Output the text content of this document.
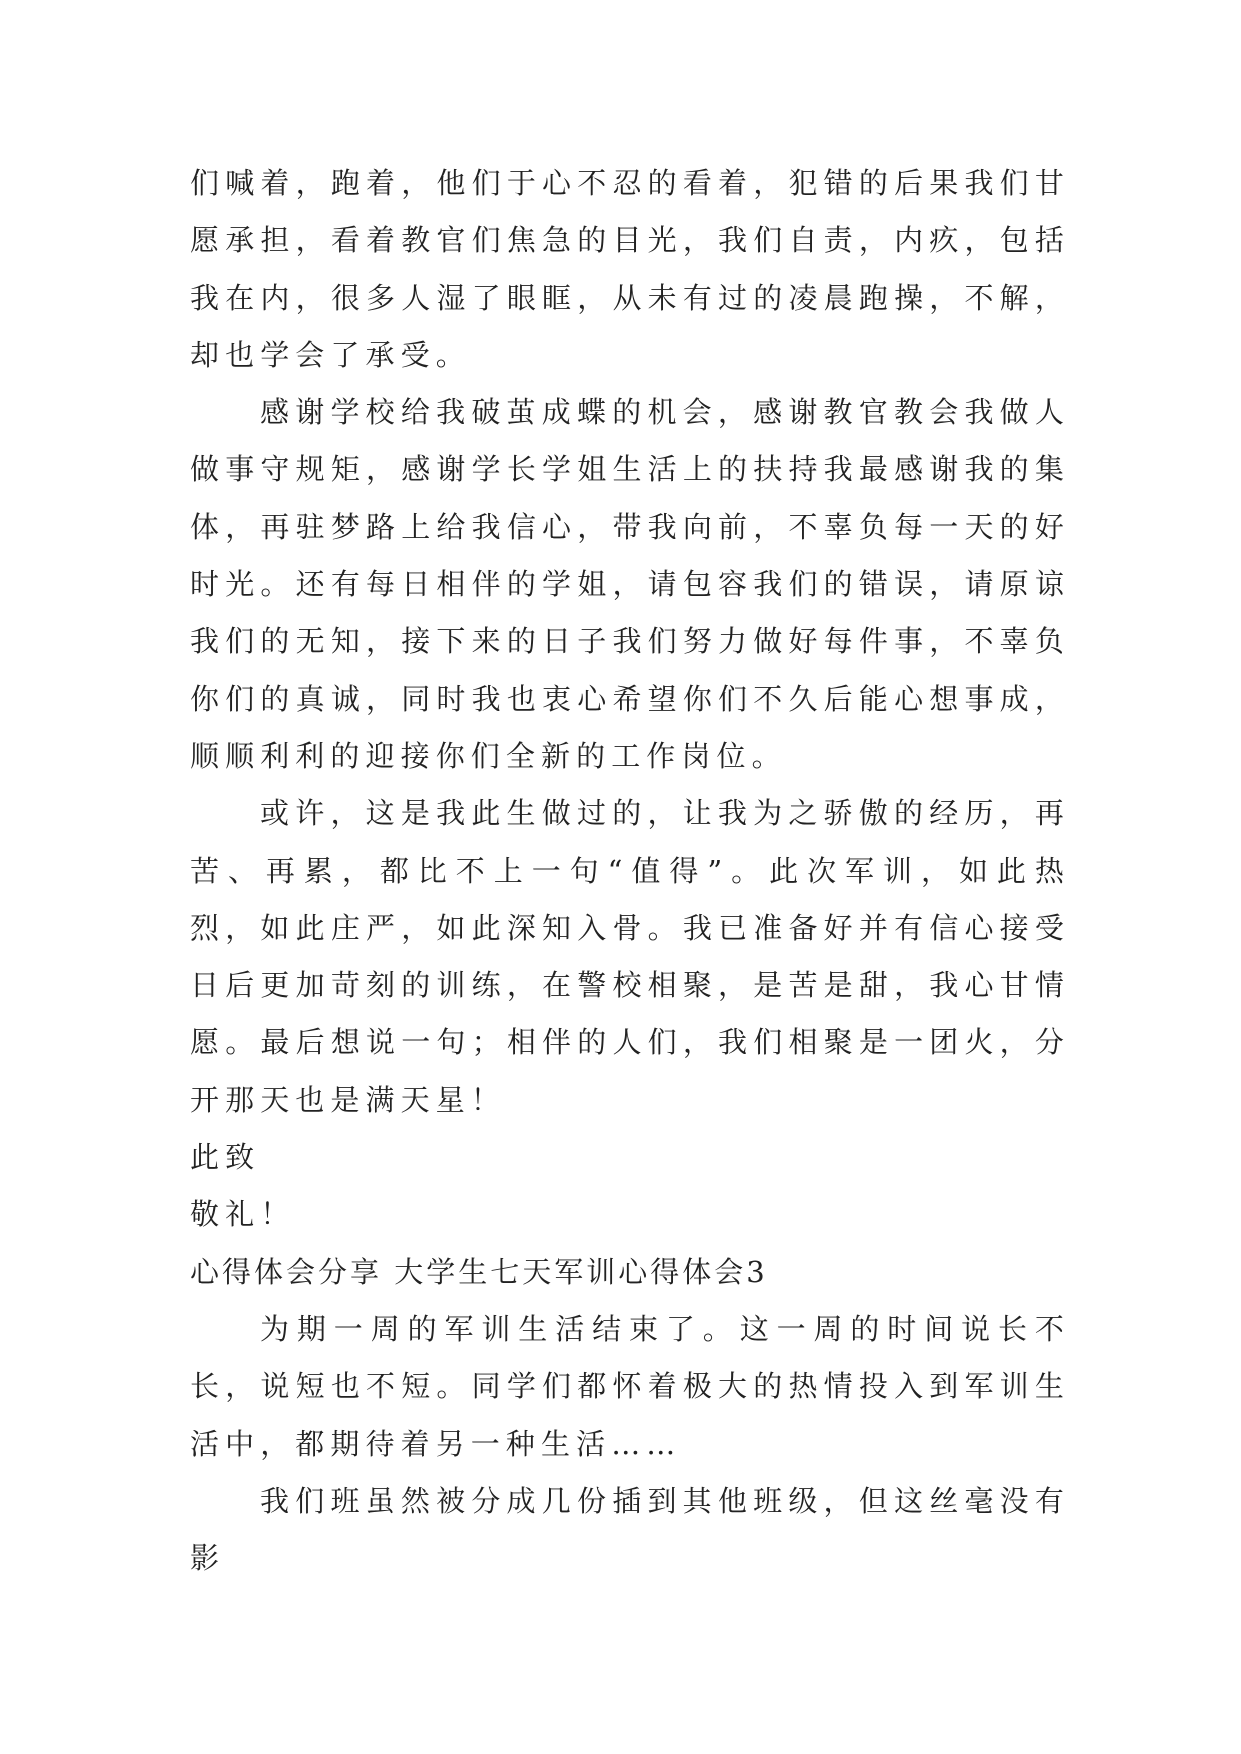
们喊着，跑着，他们于心不忍的看着，犯错的后果我们甘愿承担，看着教官们焦急的目光，我们自责，内疚，包括我在内，很多人湿了眼眶，从未有过的凌晨跑操，不解，却也学会了承受。

感谢学校给我破茧成蝶的机会，感谢教官教会我做人做事守规矩，感谢学长学姐生活上的扶持我最感谢我的集体，再驻梦路上给我信心，带我向前，不辜负每一天的好时光。还有每日相伴的学姐，请包容我们的错误，请原谅我们的无知，接下来的日子我们努力做好每件事，不辜负你们的真诚，同时我也衷心希望你们不久后能心想事成，顺顺利利的迎接你们全新的工作岗位。

或许，这是我此生做过的，让我为之骄傲的经历，再苦、再累，都比不上一句“值得”。此次军训，如此热烈，如此庄严，如此深知入骨。我已准备好并有信心接受日后更加苛刻的训练，在警校相聚，是苦是甜，我心甘情愿。最后想说一句；相伴的人们，我们相聚是一团火，分开那天也是满天星！

此致

敬礼！

心得体会分享 大学生七天军训心得体会3

为期一周的军训生活结束了。这一周的时间说长不长，说短也不短。同学们都怀着极大的热情投入到军训生活中，都期待着另一种生活……

我们班虽然被分成几份插到其他班级，但这丝毫没有影
